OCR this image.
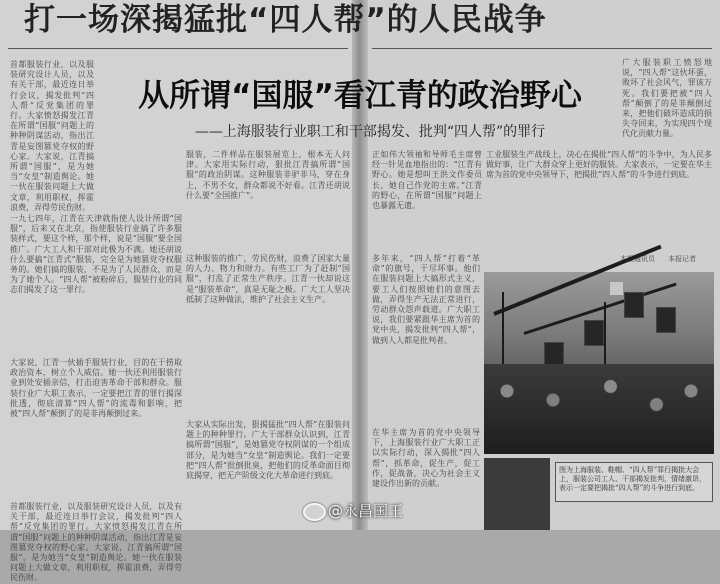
打一场深揭猛批“四人帮”的人民战争
从所谓“国服”看江青的政治野心
——上海服装行业职工和干部揭发、批判“四人帮”的罪行
首都服装行业，以及服装研究设计人员，以及有关干部，最近连日举行会议，揭发批判“四人帮”反党集团的罪行。大家愤怒揭发江青在所谓“国服”问题上的种种阴谋活动，指出江青是妄图篡党夺权的野心家。大家说，江青搞所谓“国服”，是为她当“女皇”制造舆论。她一伙在服装问题上大做文章，利用职权，挥霍浪费，弄得劳民伤财。
一九七四年，江青在天津就指使人设计所谓“国服”，后来又在北京，指使服装行业搞了许多服装样式，要这个样，那个样，说是“国服”要全国推广。广大工人和干部对此极为不满。她还胡说什么要搞“江青式”服装，完全是为她篡党夺权服务的。她们搞的服装，不是为了人民群众，而是为了她个人。“四人帮”被粉碎后，服装行业的同志们揭发了这一罪行。
大家说，江青一伙插手服装行业，目的在于捞取政治资本，树立个人威信。她一伙还利用服装行业到处安插亲信，打击迫害革命干部和群众。服装行业广大职工表示，一定要把江青的罪行揭深批透，彻底清算“四人帮”的流毒和影响，把被“四人帮”颠倒了的是非再颠倒过来。
首都服装行业，以及服装研究设计人员，以及有关干部，最近连日举行会议，揭发批判“四人帮”反党集团的罪行。大家愤怒揭发江青在所谓“国服”问题上的种种阴谋活动，指出江青是妄图篡党夺权的野心家。大家说，江青搞所谓“国服”，是为她当“女皇”制造舆论。她一伙在服装问题上大做文章，利用职权，挥霍浪费，弄得劳民伤财。
服装，二件样品在服装展览上，根本无人问津。大家用实际行动，狠批江青搞所谓“国服”的政治阴谋。这种服装非驴非马，穿在身上，不男不女，群众都说不好看。江青还胡说什么要“全国推广”。
这种服装的推广，劳民伤财，浪费了国家大量的人力、物力和财力。有些工厂为了赶制“国服”，打乱了正常生产秩序。江青一伙却说这是“服装革命”，真是无耻之极。广大工人坚决抵制了这种做法，维护了社会主义生产。
大家从实际出发，狠揭猛批“四人帮”在服装问题上的种种罪行。广大干部群众认识到，江青搞所谓“国服”，是她篡党夺权阴谋的一个组成部分，是为她当“女皇”制造舆论。我们一定要把“四人帮”批倒批臭，把他们的反革命面目彻底揭穿，把无产阶级文化大革命进行到底。
正如伟大领袖和导师毛主席曾经一针见血地指出的：“江青有野心。她是想叫王洪文作委员长，她自己作党的主席。”江青的野心，在所谓“国服”问题上也暴露无遗。
多年来，“四人帮”打着“革命”的旗号，干尽坏事。他们在服装问题上大搞形式主义，要工人们按照她们的意图去做，弄得生产无法正常进行，劳动群众怨声载道。广大职工说，我们要紧跟华主席为首的党中央，揭发批判“四人帮”，做到人人都是批判者。
在华主席为首的党中央领导下，上海服装行业广大职工正以实际行动，深入揭批“四人帮”，抓革命，促生产，促工作，促战备，决心为社会主义建设作出新的贡献。
工业服装生产战线上，决心在揭批“四人帮”的斗争中，为人民多做好事，让广大群众穿上更好的服装。大家表示，一定要在华主席为首的党中央领导下，把揭批“四人帮”的斗争进行到底。
广大服装职工愤怒地说，“四人帮”这伙坏蛋，败坏了社会风气，罪该万死。我们要把被“四人帮”颠倒了的是非颠倒过来，把他们破坏造成的损失夺回来，为实现四个现代化贡献力量。
本报通讯员 本报记者
图为上海服装、鞋帽、“四人帮”罪行揭批大会上，服装公司工人、干部揭发批判，情绪激昂，表示一定要把揭批“四人帮”的斗争进行到底。
@永昌国王
